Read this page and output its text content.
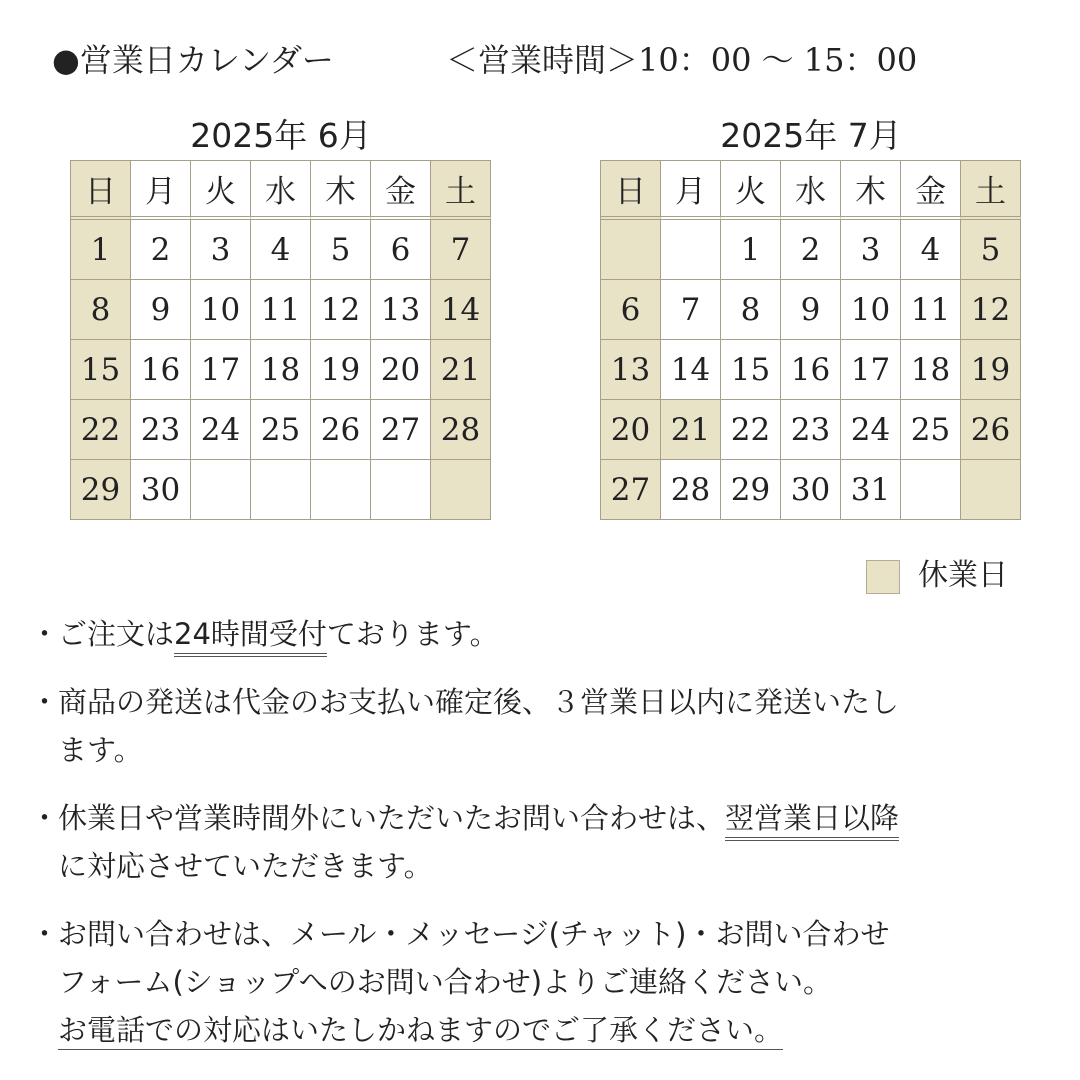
●営業日カレンダー	＜営業時間＞10：00 〜 15：00
2025年 6月
日	月	火	水	木	金	土
1	2	3	4	5	6	7
8	9	10	11	12	13	14
15	16	17	18	19	20	21
22	23	24	25	26	27	28
29	30					
2025年 7月
日	月	火	水	木	金	土
		1	2	3	4	5
6	7	8	9	10	11	12
13	14	15	16	17	18	19
20	21	22	23	24	25	26
27	28	29	30	31		
休業日
・
ご注文は24時間受付ております。
・
商品の発送は代金のお支払い確定後、３営業日以内に発送いたし
ます。
・
休業日や営業時間外にいただいたお問い合わせは、翌営業日以降
に対応させていただきます。
・
お問い合わせは、メール・メッセージ(チャット)・お問い合わせ
フォーム(ショップへのお問い合わせ)よりご連絡ください。
お電話での対応はいたしかねますのでご了承ください。
